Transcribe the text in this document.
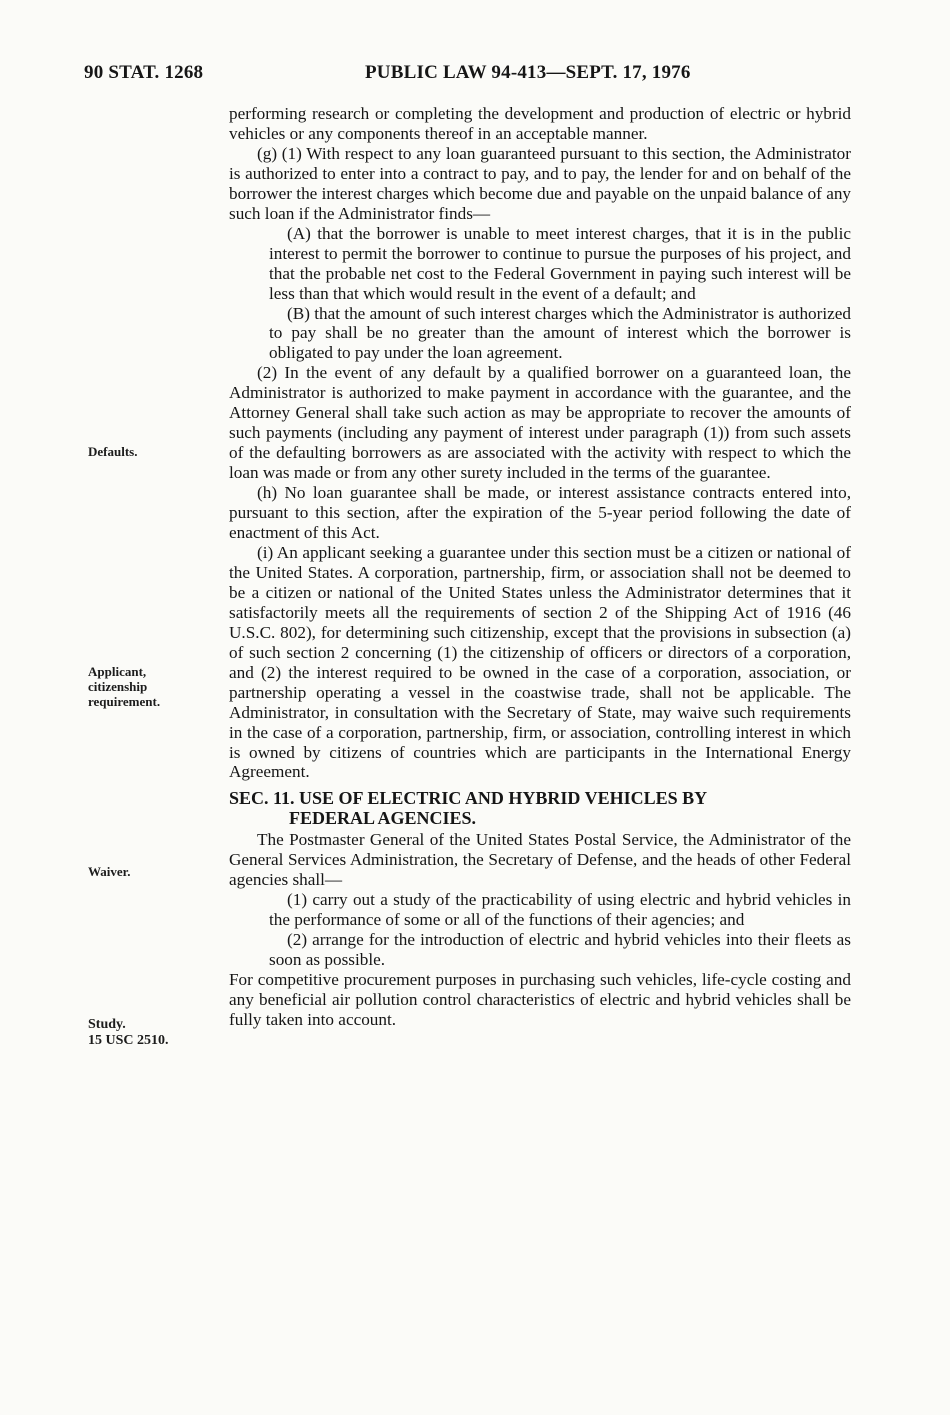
90 STAT. 1268	PUBLIC LAW 94-413—SEPT. 17, 1976
Defaults.
Applicant,
citizenship
requirement.
Waiver.
Study.
15 USC 2510.

performing research or completing the development and production of electric or hybrid vehicles or any components thereof in an acceptable manner.

(g) (1) With respect to any loan guaranteed pursuant to this section, the Administrator is authorized to enter into a contract to pay, and to pay, the lender for and on behalf of the borrower the interest charges which become due and payable on the unpaid balance of any such loan if the Administrator finds—

(A) that the borrower is unable to meet interest charges, that it is in the public interest to permit the borrower to continue to pursue the purposes of his project, and that the probable net cost to the Federal Government in paying such interest will be less than that which would result in the event of a default; and

(B) that the amount of such interest charges which the Administrator is authorized to pay shall be no greater than the amount of interest which the borrower is obligated to pay under the loan agreement.

(2) In the event of any default by a qualified borrower on a guaranteed loan, the Administrator is authorized to make payment in accordance with the guarantee, and the Attorney General shall take such action as may be appropriate to recover the amounts of such payments (including any payment of interest under paragraph (1)) from such assets of the defaulting borrowers as are associated with the activity with respect to which the loan was made or from any other surety included in the terms of the guarantee.

(h) No loan guarantee shall be made, or interest assistance contracts entered into, pursuant to this section, after the expiration of the 5-year period following the date of enactment of this Act.

(i) An applicant seeking a guarantee under this section must be a citizen or national of the United States. A corporation, partnership, firm, or association shall not be deemed to be a citizen or national of the United States unless the Administrator determines that it satisfactorily meets all the requirements of section 2 of the Shipping Act of 1916 (46 U.S.C. 802), for determining such citizenship, except that the provisions in subsection (a) of such section 2 concerning (1) the citizenship of officers or directors of a corporation, and (2) the interest required to be owned in the case of a corporation, association, or partnership operating a vessel in the coastwise trade, shall not be applicable. The Administrator, in consultation with the Secretary of State, may waive such requirements in the case of a corporation, partnership, firm, or association, controlling interest in which is owned by citizens of countries which are participants in the International Energy Agreement.

SEC. 11. USE OF ELECTRIC AND HYBRID VEHICLES BY
FEDERAL AGENCIES.

The Postmaster General of the United States Postal Service, the Administrator of the General Services Administration, the Secretary of Defense, and the heads of other Federal agencies shall—

(1) carry out a study of the practicability of using electric and hybrid vehicles in the performance of some or all of the functions of their agencies; and

(2) arrange for the introduction of electric and hybrid vehicles into their fleets as soon as possible.

For competitive procurement purposes in purchasing such vehicles, life-cycle costing and any beneficial air pollution control characteristics of electric and hybrid vehicles shall be fully taken into account.
